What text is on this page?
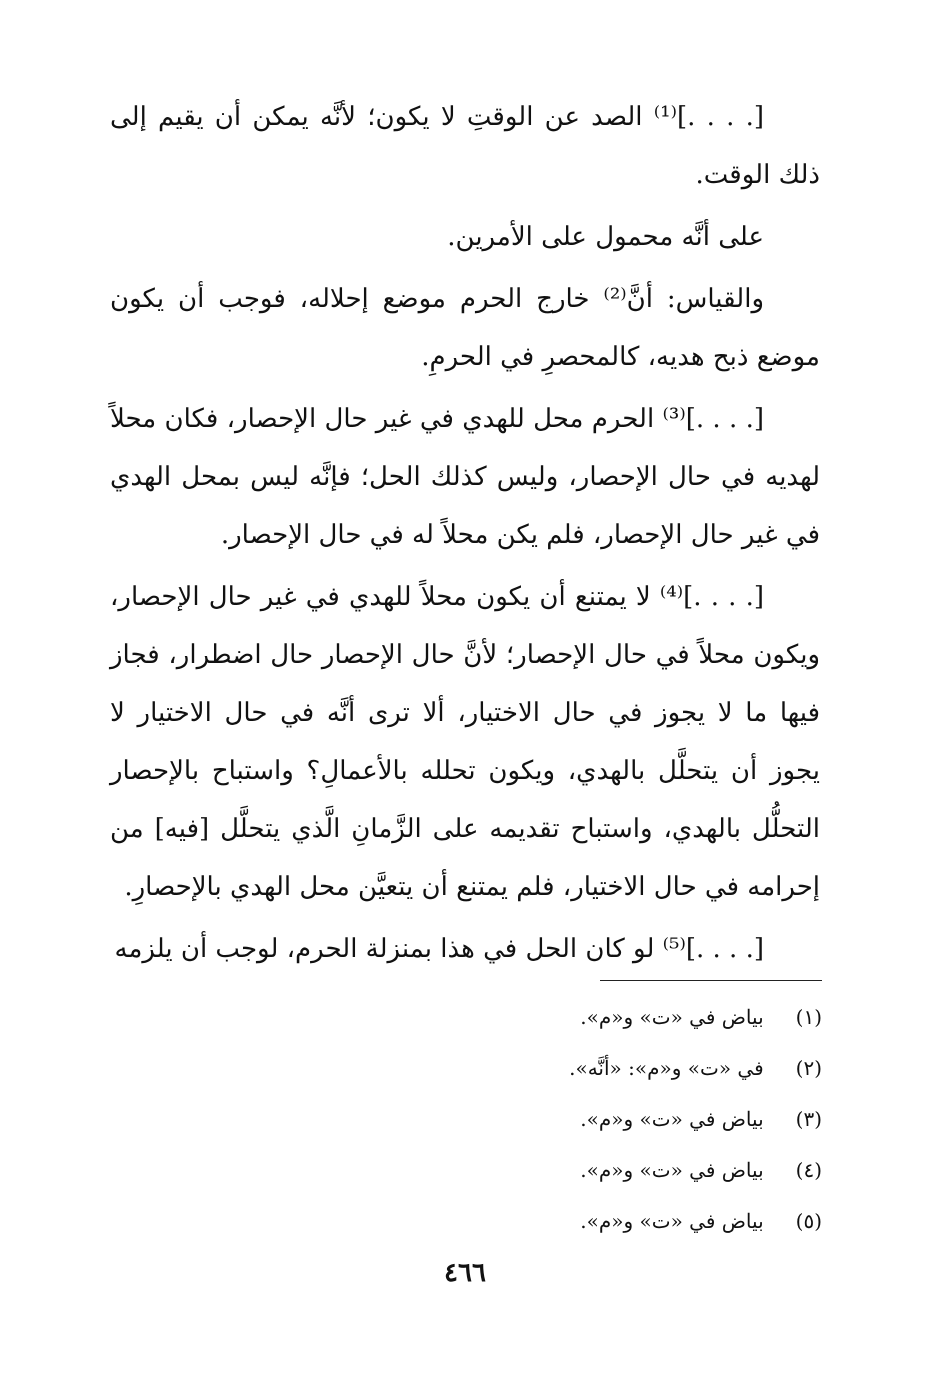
[. . . .]⁽¹⁾ الصد عن الوقتِ لا يكون؛ لأنَّه يمكن أن يقيم إلى ذلك الوقت.

على أنَّه محمول على الأمرين.

والقياس: أنَّ⁽²⁾ خارج الحرم موضع إحلاله، فوجب أن يكون موضع ذبح هديه، كالمحصرِ في الحرمِ.

[. . . .]⁽³⁾ الحرم محل للهدي في غير حال الإحصار، فكان محلاً لهديه في حال الإحصار، وليس كذلك الحل؛ فإنَّه ليس بمحل الهدي في غير حال الإحصار، فلم يكن محلاً له في حال الإحصار.

[. . . .]⁽⁴⁾ لا يمتنع أن يكون محلاً للهدي في غير حال الإحصار، ويكون محلاً في حال الإحصار؛ لأنَّ حال الإحصار حال اضطرار، فجاز فيها ما لا يجوز في حال الاختيار، ألا ترى أنَّه في حال الاختيار لا يجوز أن يتحلَّل بالهدي، ويكون تحلله بالأعمالِ؟ واستباح بالإحصار التحلُّل بالهدي، واستباح تقديمه على الزَّمانِ الَّذي يتحلَّل [فيه] من إحرامه في حال الاختيار، فلم يمتنع أن يتعيَّن محل الهدي بالإحصارِ.

[. . . .]⁽⁵⁾ لو كان الحل في هذا بمنزلة الحرم، لوجب أن يلزمه

(١) بياض في «ت» و«م».
(٢) في «ت» و«م»: «أنَّه».
(٣) بياض في «ت» و«م».
(٤) بياض في «ت» و«م».
(٥) بياض في «ت» و«م».
٤٦٦
